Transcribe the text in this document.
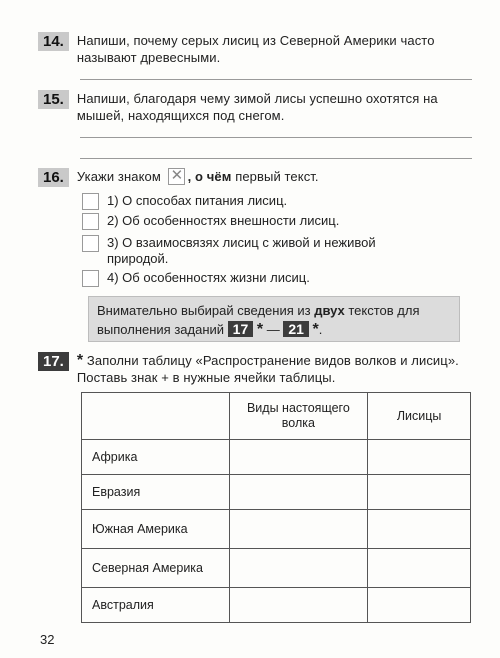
14.	Напиши, почему серых лисиц из Северной Америки часто называют древесными.
15.	Напиши, благодаря чему зимой лисы успешно охотятся на мышей, находящихся под снегом.
16.	Укажи знаком ✕ , о чём первый текст.
1) О способах питания лисиц.
2) Об особенностях внешности лисиц.
3) О взаимосвязях лисиц с живой и неживой природой.
4) Об особенностях жизни лисиц.
Внимательно выбирай сведения из двух текстов для
выполнения заданий 17 * — 21 *.
17. * Заполни таблицу «Распространение видов волков и лисиц». Поставь знак + в нужные ячейки таблицы.
	Виды настоящего волка	Лисицы
Африка		
Евразия		
Южная Америка		
Северная Америка		
Австралия		
32
